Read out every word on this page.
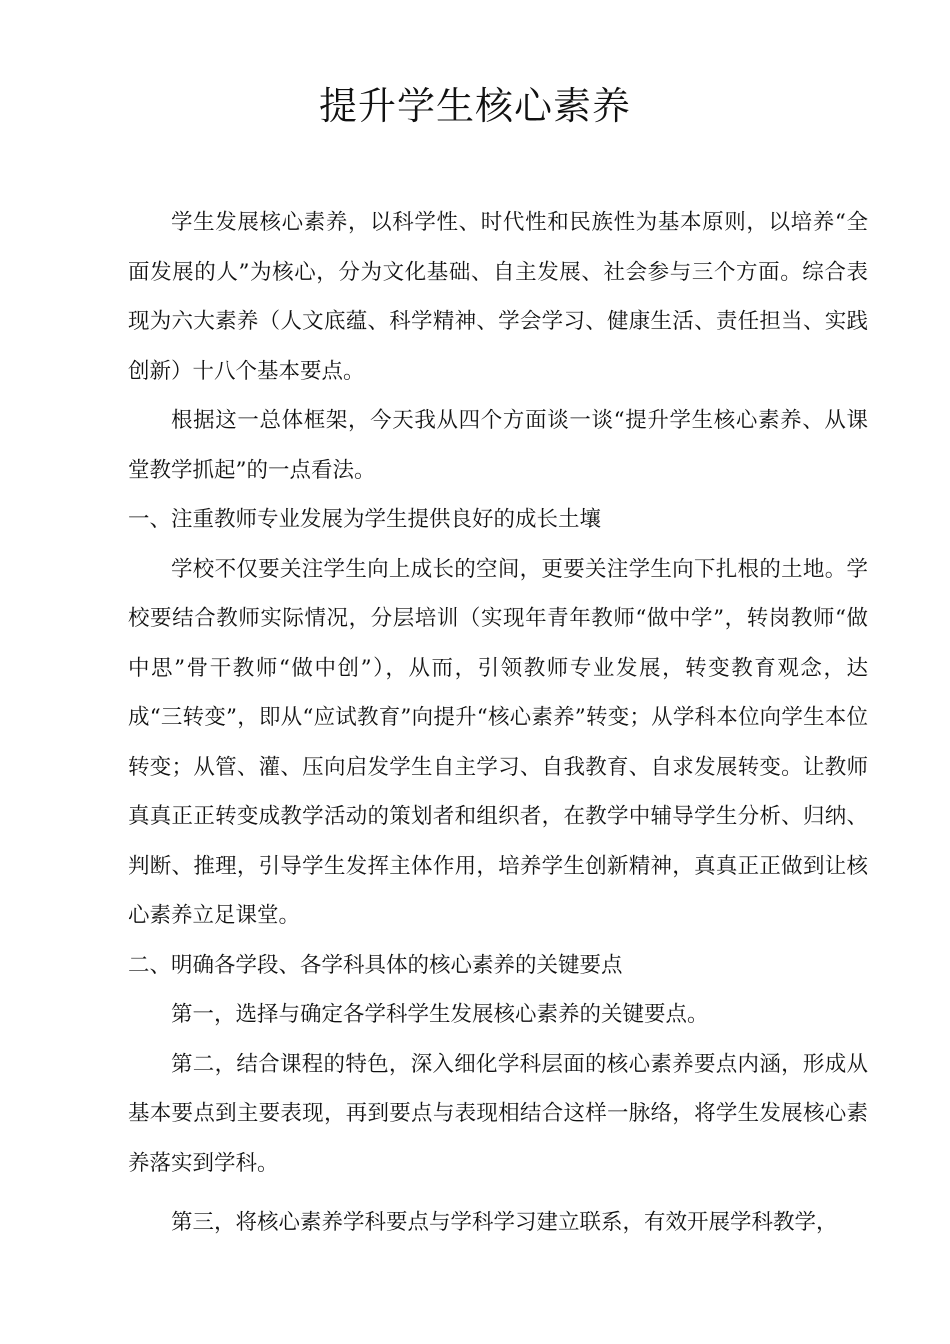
提升学生核心素养

学生发展核心素养，以科学性、时代性和民族性为基本原则，以培养“全面发展的人”为核心，分为文化基础、自主发展、社会参与三个方面。综合表现为六大素养（人文底蕴、科学精神、学会学习、健康生活、责任担当、实践创新）十八个基本要点。

根据这一总体框架，今天我从四个方面谈一谈“提升学生核心素养、从课堂教学抓起”的一点看法。

一、注重教师专业发展为学生提供良好的成长土壤

学校不仅要关注学生向上成长的空间，更要关注学生向下扎根的土地。学校要结合教师实际情况，分层培训（实现年青年教师“做中学”，转岗教师“做中思”骨干教师“做中创”），从而，引领教师专业发展，转变教育观念，达成“三转变”，即从“应试教育”向提升“核心素养”转变；从学科本位向学生本位转变；从管、灌、压向启发学生自主学习、自我教育、自求发展转变。让教师真真正正转变成教学活动的策划者和组织者，在教学中辅导学生分析、归纳、判断、推理，引导学生发挥主体作用，培养学生创新精神，真真正正做到让核心素养立足课堂。

二、明确各学段、各学科具体的核心素养的关键要点

第一，选择与确定各学科学生发展核心素养的关键要点。

第二，结合课程的特色，深入细化学科层面的核心素养要点内涵，形成从基本要点到主要表现，再到要点与表现相结合这样一脉络，将学生发展核心素养落实到学科。

第三，将核心素养学科要点与学科学习建立联系，有效开展学科教学，
